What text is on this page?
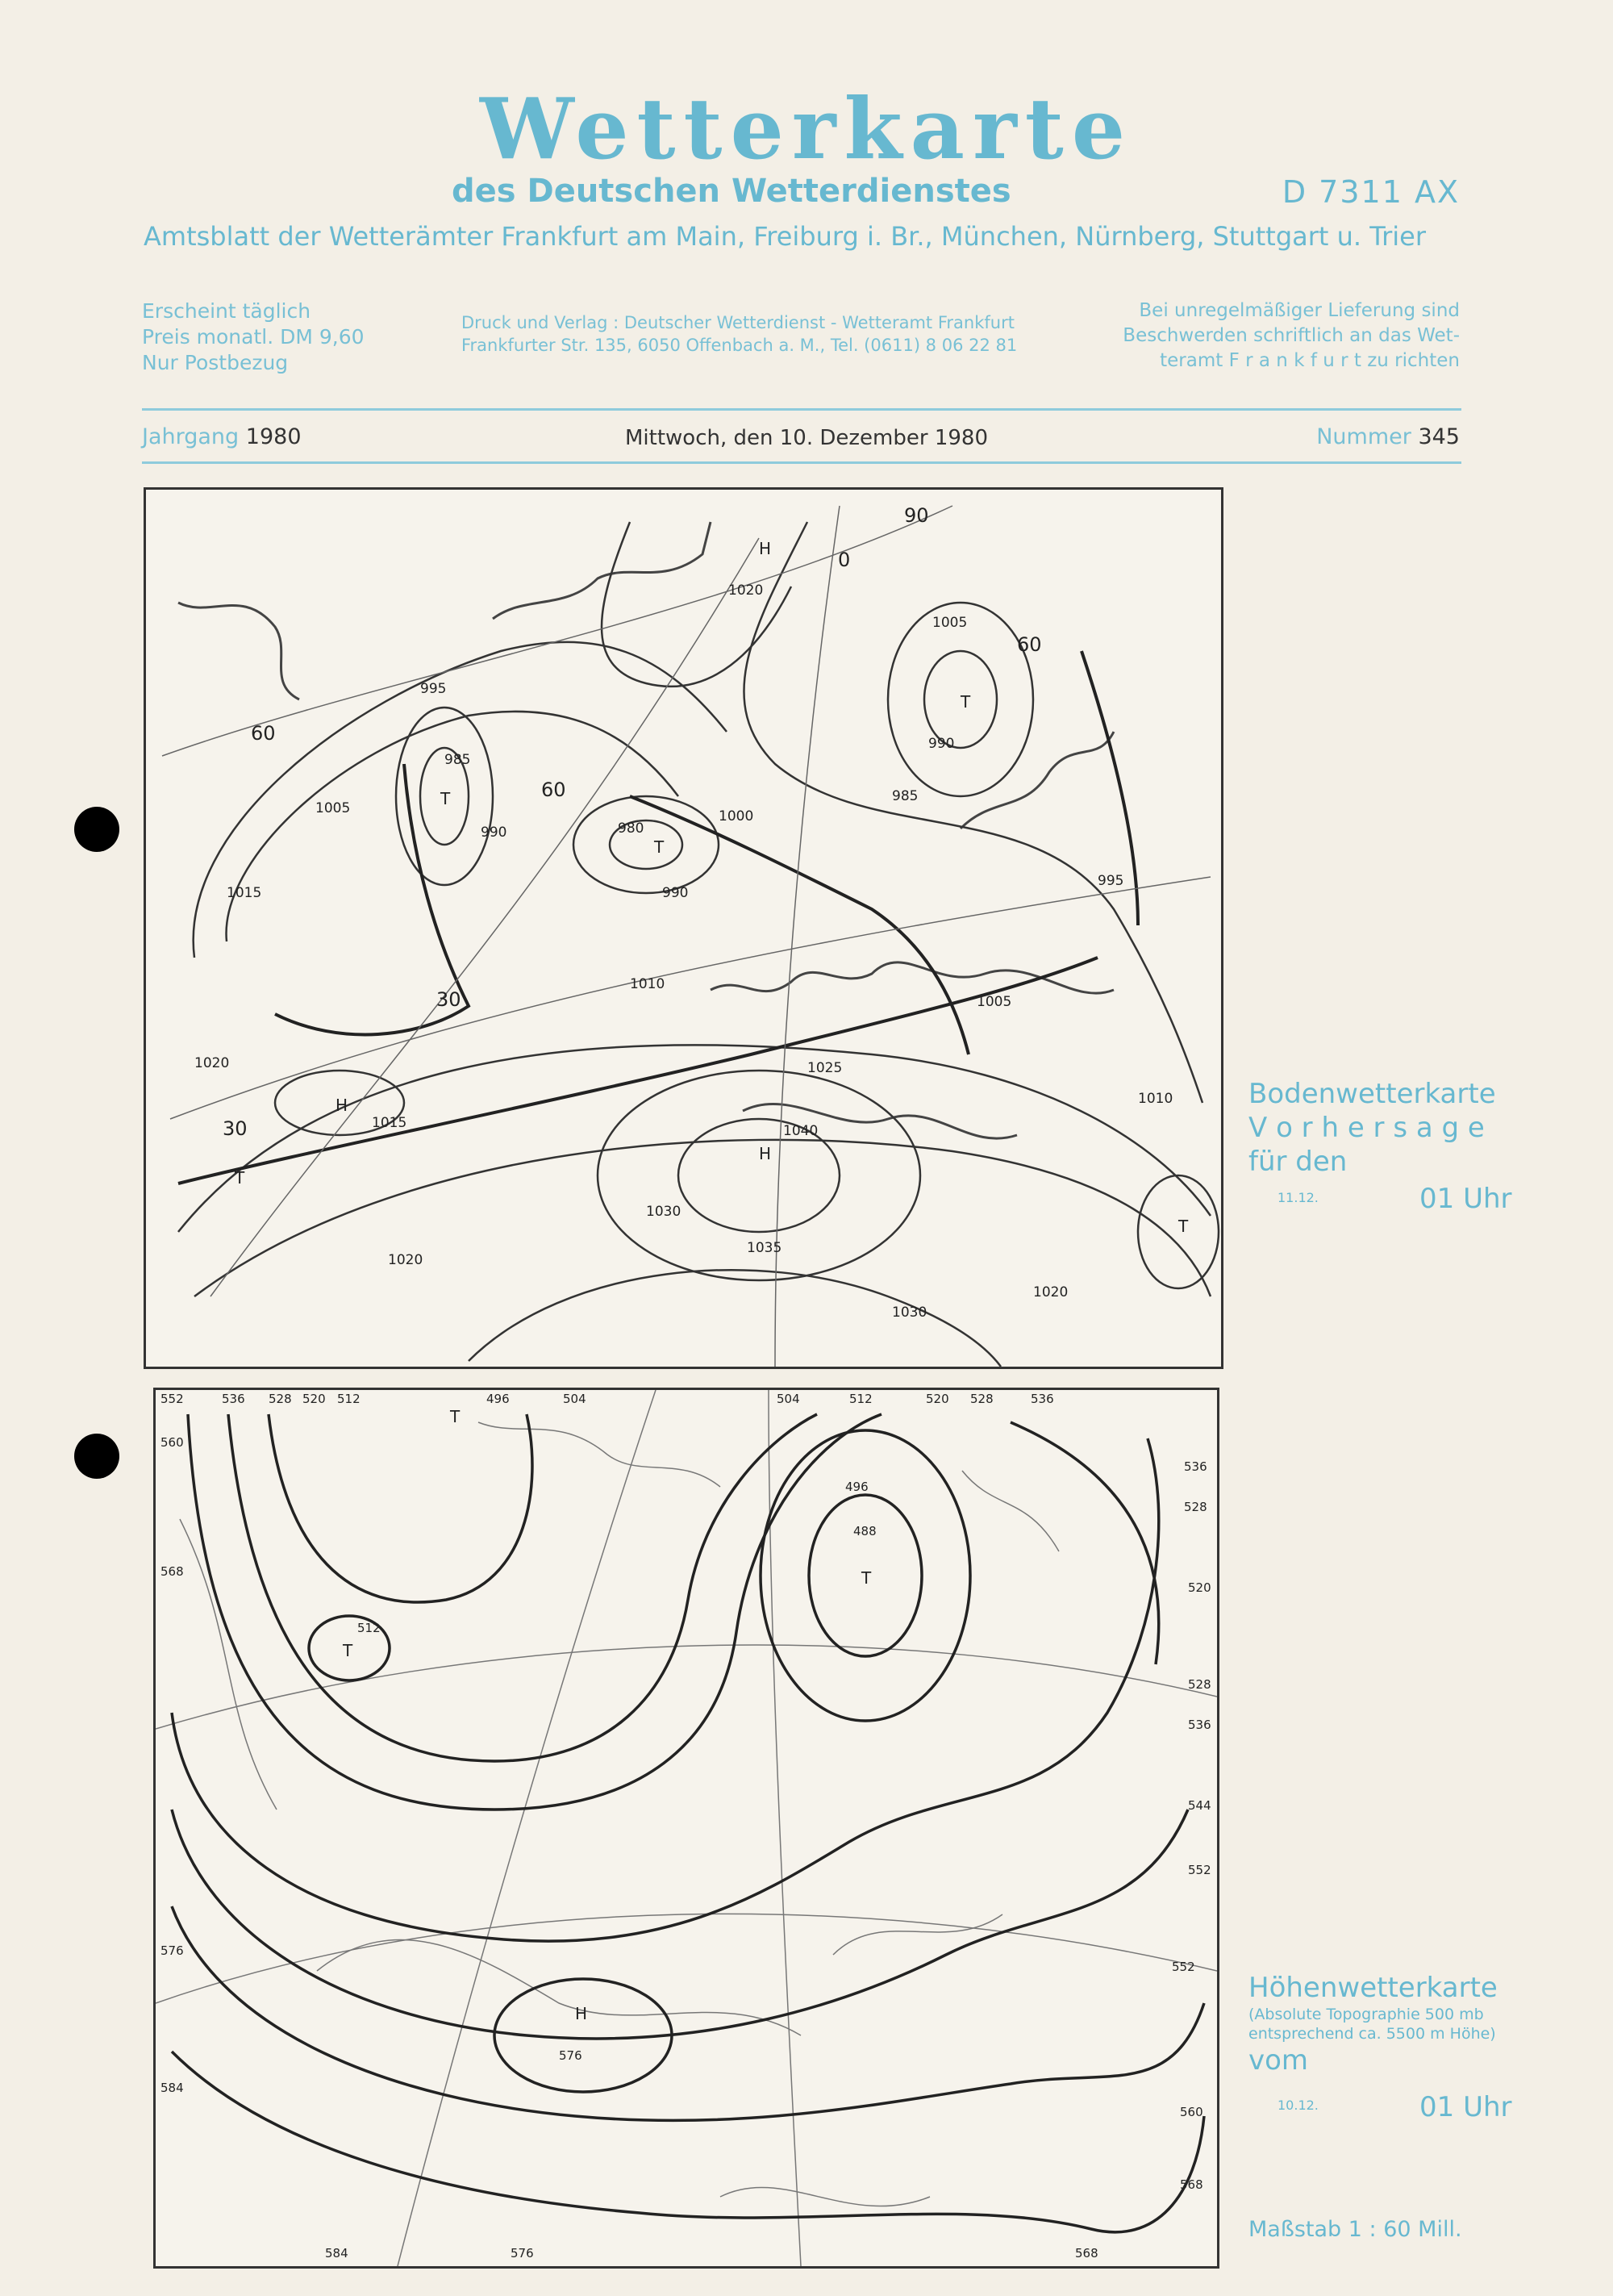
Wetterkarte
des Deutschen Wetterdienstes	D 7311 AX
Amtsblatt der Wetterämter Frankfurt am Main, Freiburg i. Br., München, Nürnberg, Stuttgart u. Trier
Erscheint täglich
Preis monatl. DM 9,60
Nur Postbezug
Druck und Verlag : Deutscher Wetterdienst - Wetteramt Frankfurt
Frankfurter Str. 135, 6050 Offenbach a. M., Tel. (0611) 8 06 22 81
Bei unregelmäßiger Lieferung sind
Beschwerden schriftlich an das Wet-
teramt F r a n k f u r t zu richten
Jahrgang 1980	Mittwoch, den 10. Dezember 1980	Nummer 345
1020
995
985
1005
990	980
1000
990
1010
1015
1020	1025
1040
1030
1035
1030
1020
1010
1005
990
985
995
1005
1015
1020
H
T
T
T
H
H
T
T
60
60
30
30
90
0
60
Bodenwetterkarte
V o r h e r s a g e
für den
11.12.	01 Uhr
552	536 528 520 512	496	504	504	512	520 528	536
560
568
512
496
488
536
528
520
528
536
544
552
576
584
576
552
560
568
568
584	576
T
T
T
H
Höhenwetterkarte
(Absolute Topographie 500 mb
entsprechend ca. 5500 m Höhe)
vom
10.12.	01 Uhr
Maßstab 1 : 60 Mill.
